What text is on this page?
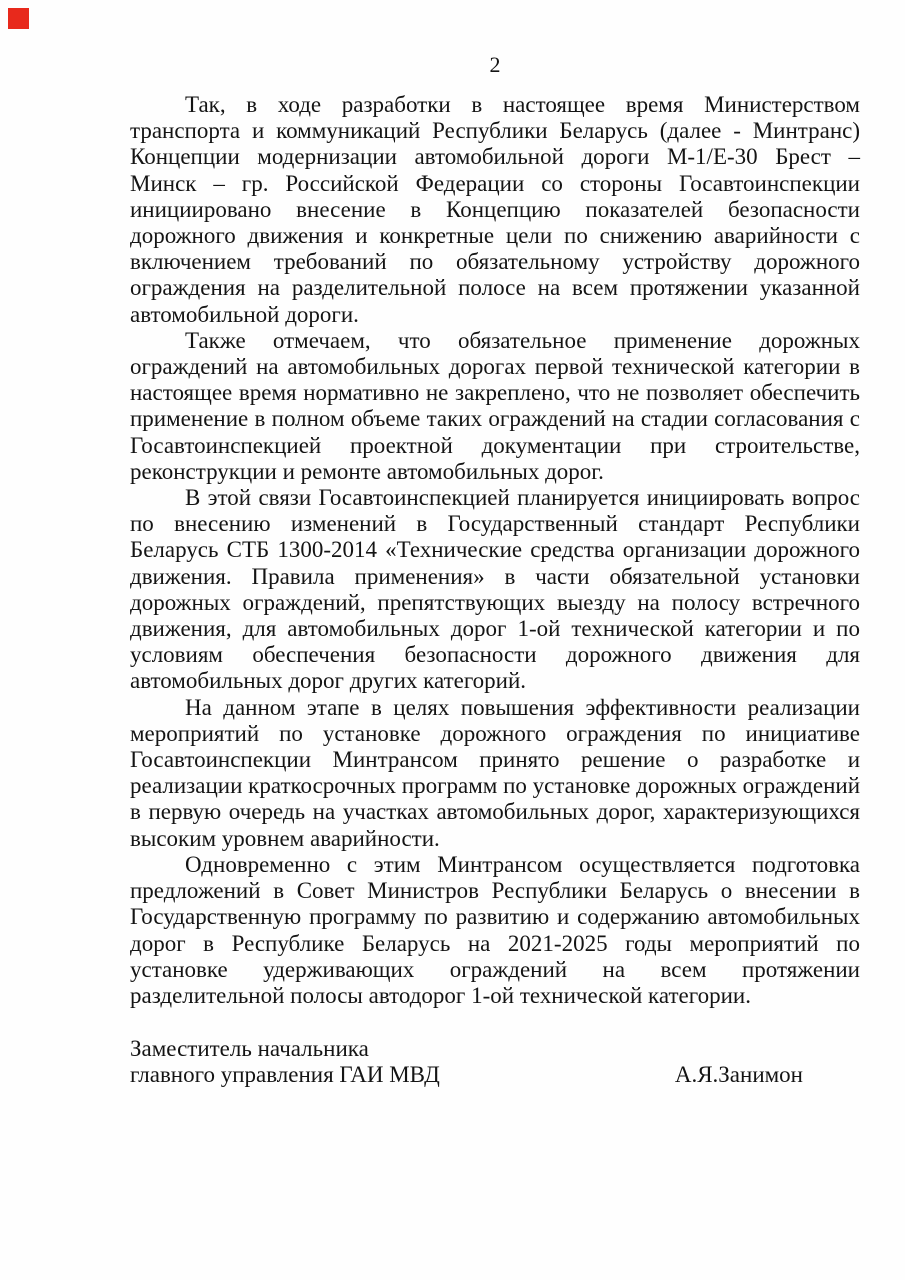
2

Так, в ходе разработки в настоящее время Министерством транспорта и коммуникаций Республики Беларусь (далее - Минтранс) Концепции модернизации автомобильной дороги М-1/Е-30 Брест – Минск – гр. Российской Федерации со стороны Госавтоинспекции инициировано внесение в Концепцию показателей безопасности дорожного движения и конкретные цели по снижению аварийности с включением требований по обязательному устройству дорожного ограждения на разделительной полосе на всем протяжении указанной автомобильной дороги.

Также отмечаем, что обязательное применение дорожных ограждений на автомобильных дорогах первой технической категории в настоящее время нормативно не закреплено, что не позволяет обеспечить применение в полном объеме таких ограждений на стадии согласования с Госавтоинспекцией проектной документации при строительстве, реконструкции и ремонте автомобильных дорог.

В этой связи Госавтоинспекцией планируется инициировать вопрос по внесению изменений в Государственный стандарт Республики Беларусь СТБ 1300-2014 «Технические средства организации дорожного движения. Правила применения» в части обязательной установки дорожных ограждений, препятствующих выезду на полосу встречного движения, для автомобильных дорог 1-ой технической категории и по условиям обеспечения безопасности дорожного движения для автомобильных дорог других категорий.

На данном этапе в целях повышения эффективности реализации мероприятий по установке дорожного ограждения по инициативе Госавтоинспекции Минтрансом принято решение о разработке и реализации краткосрочных программ по установке дорожных ограждений в первую очередь на участках автомобильных дорог, характеризующихся высоким уровнем аварийности.

Одновременно с этим Минтрансом осуществляется подготовка предложений в Совет Министров Республики Беларусь о внесении в Государственную программу по развитию и содержанию автомобильных дорог в Республике Беларусь на 2021-2025 годы мероприятий по установке удерживающих ограждений на всем протяжении разделительной полосы автодорог 1-ой технической категории.

Заместитель начальника
главного управления ГАИ МВД	А.Я.Занимон
